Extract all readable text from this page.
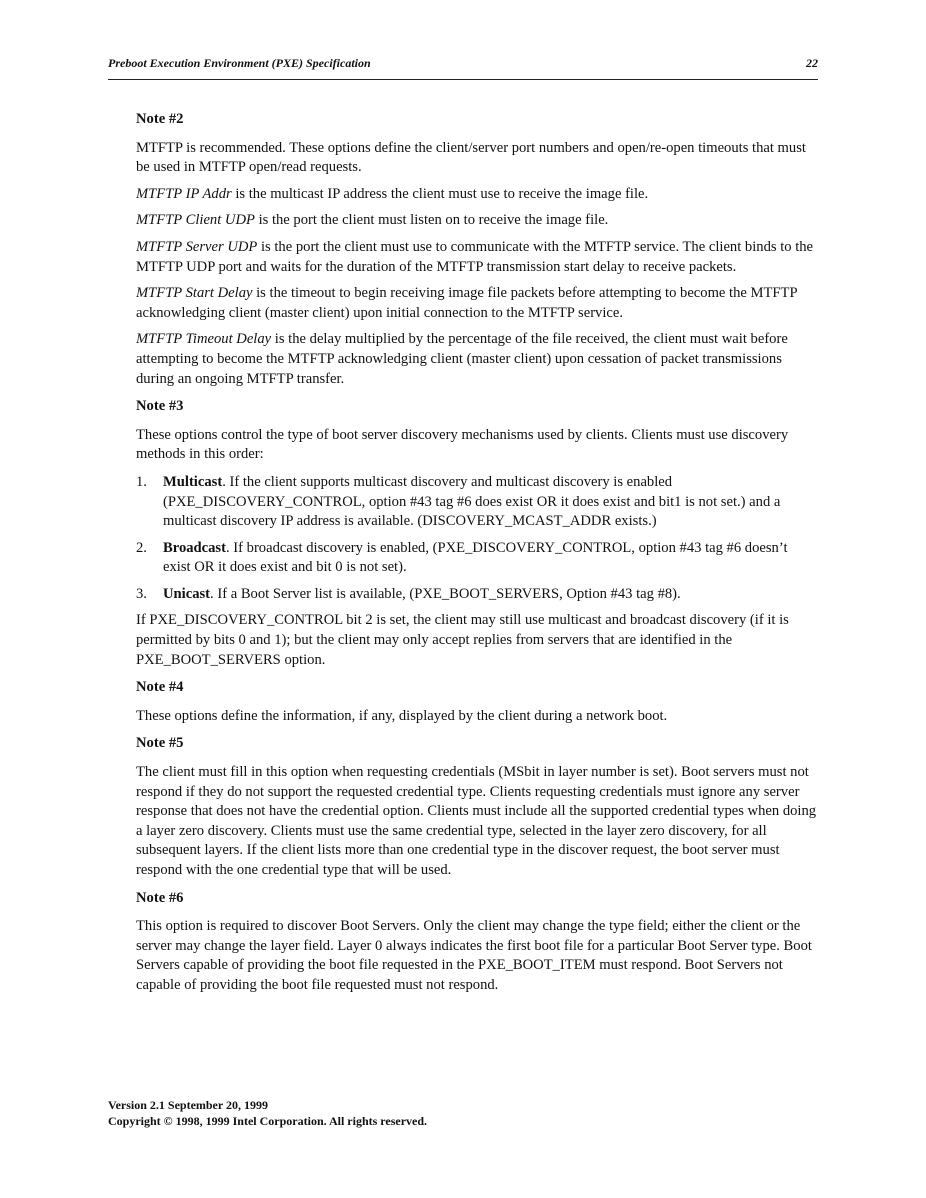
Preboot Execution Environment (PXE) Specification	22
Note #2

MTFTP is recommended. These options define the client/server port numbers and open/re-open timeouts that must be used in MTFTP open/read requests.

MTFTP IP Addr is the multicast IP address the client must use to receive the image file.

MTFTP Client UDP is the port the client must listen on to receive the image file.

MTFTP Server UDP is the port the client must use to communicate with the MTFTP service. The client binds to the MTFTP UDP port and waits for the duration of the MTFTP transmission start delay to receive packets.

MTFTP Start Delay is the timeout to begin receiving image file packets before attempting to become the MTFTP acknowledging client (master client) upon initial connection to the MTFTP service.

MTFTP Timeout Delay is the delay multiplied by the percentage of the file received, the client must wait before attempting to become the MTFTP acknowledging client (master client) upon cessation of packet transmissions during an ongoing MTFTP transfer.

Note #3

These options control the type of boot server discovery mechanisms used by clients. Clients must use discovery methods in this order:

1. Multicast. If the client supports multicast discovery and multicast discovery is enabled (PXE_DISCOVERY_CONTROL, option #43 tag #6 does exist OR it does exist and bit1 is not set.) and a multicast discovery IP address is available. (DISCOVERY_MCAST_ADDR exists.)
2. Broadcast. If broadcast discovery is enabled, (PXE_DISCOVERY_CONTROL, option #43 tag #6 doesn’t exist OR it does exist and bit 0 is not set).
3. Unicast. If a Boot Server list is available, (PXE_BOOT_SERVERS, Option #43 tag #8).

If PXE_DISCOVERY_CONTROL bit 2 is set, the client may still use multicast and broadcast discovery (if it is permitted by bits 0 and 1); but the client may only accept replies from servers that are identified in the PXE_BOOT_SERVERS option.

Note #4

These options define the information, if any, displayed by the client during a network boot.

Note #5

The client must fill in this option when requesting credentials (MSbit in layer number is set). Boot servers must not respond if they do not support the requested credential type. Clients requesting credentials must ignore any server response that does not have the credential option. Clients must include all the supported credential types when doing a layer zero discovery. Clients must use the same credential type, selected in the layer zero discovery, for all subsequent layers. If the client lists more than one credential type in the discover request, the boot server must respond with the one credential type that will be used.

Note #6

This option is required to discover Boot Servers. Only the client may change the type field; either the client or the server may change the layer field. Layer 0 always indicates the first boot file for a particular Boot Server type. Boot Servers capable of providing the boot file requested in the PXE_BOOT_ITEM must respond. Boot Servers not capable of providing the boot file requested must not respond.

Version 2.1 September 20, 1999
Copyright © 1998, 1999 Intel Corporation. All rights reserved.
